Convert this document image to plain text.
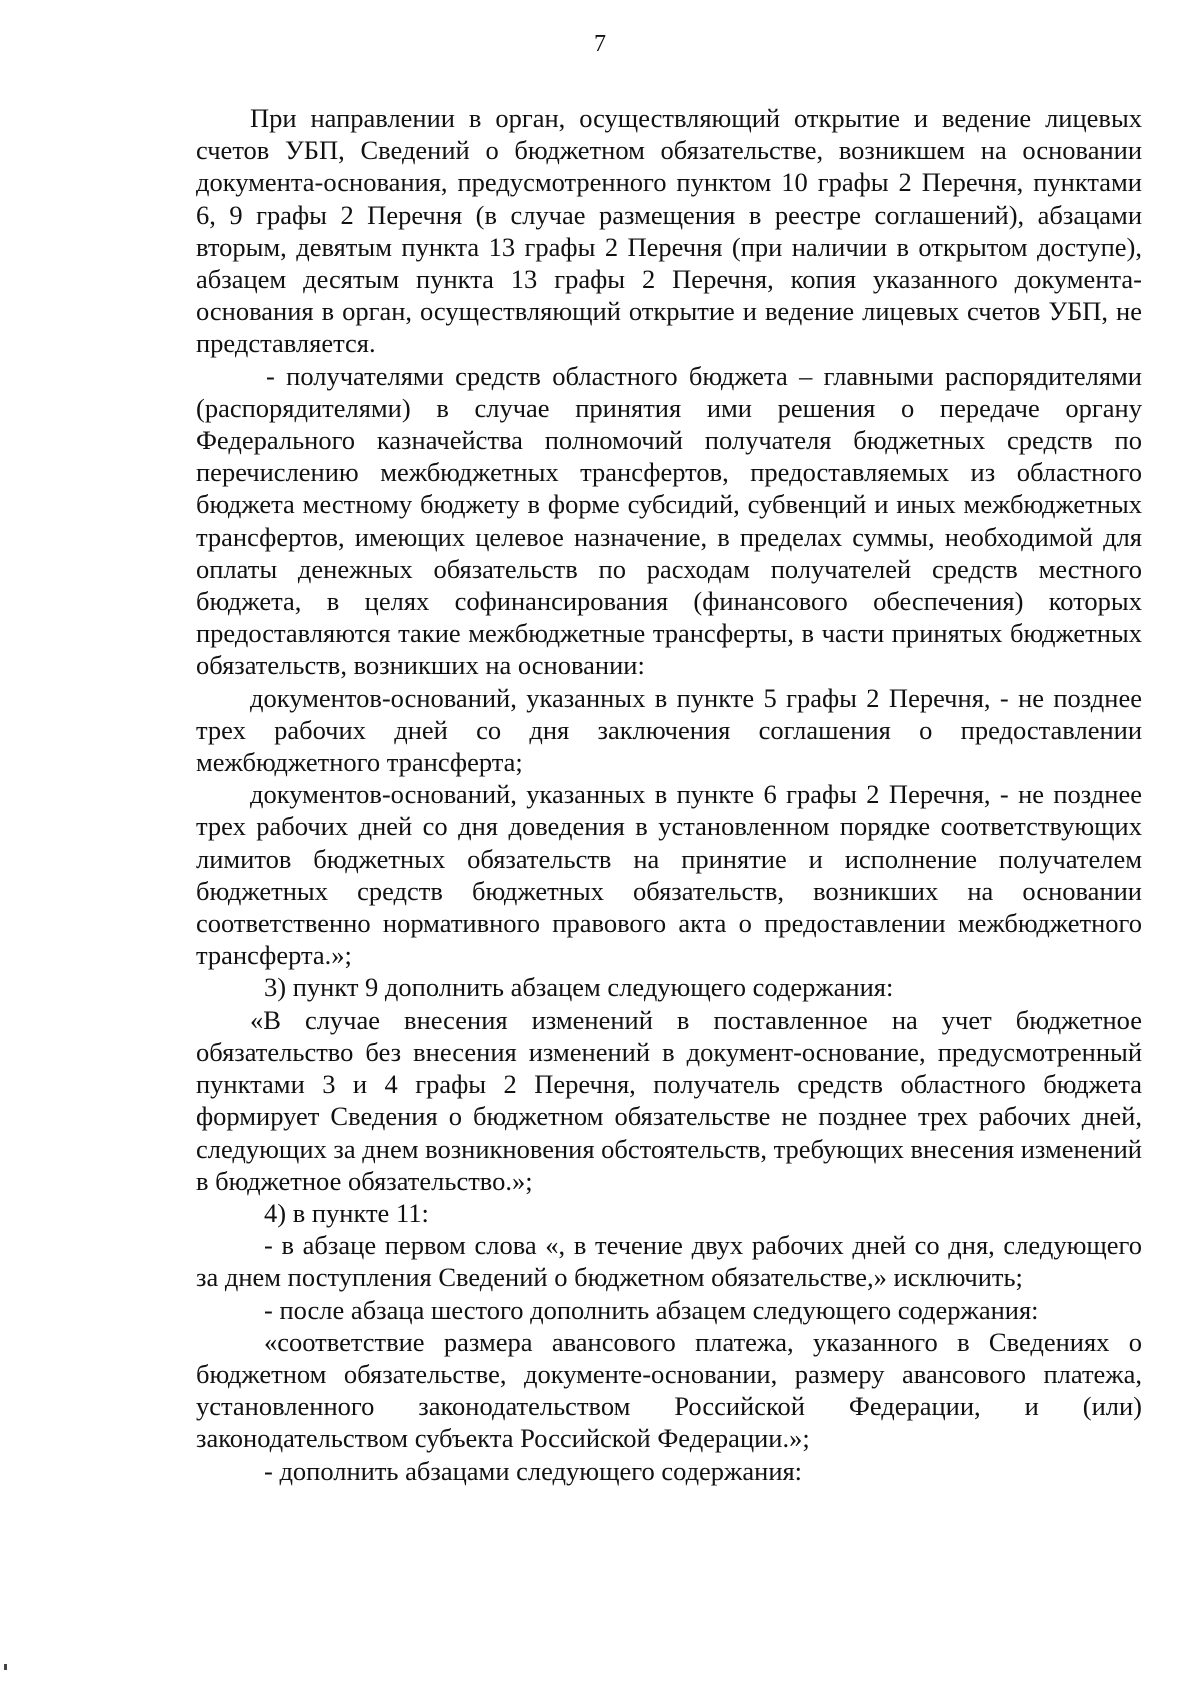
7

При направлении в орган, осуществляющий открытие и ведение лицевых счетов УБП, Сведений о бюджетном обязательстве, возникшем на основании документа-основания, предусмотренного пунктом 10 графы 2 Перечня, пунктами 6, 9 графы 2 Перечня (в случае размещения в реестре соглашений), абзацами вторым, девятым пункта 13 графы 2 Перечня (при наличии в открытом доступе), абзацем десятым пункта 13 графы 2 Перечня, копия указанного документа-основания в орган, осуществляющий открытие и ведение лицевых счетов УБП, не представляется.

- получателями средств областного бюджета – главными распорядителями (распорядителями) в случае принятия ими решения о передаче органу Федерального казначейства полномочий получателя бюджетных средств по перечислению межбюджетных трансфертов, предоставляемых из областного бюджета местному бюджету в форме субсидий, субвенций и иных межбюджетных трансфертов, имеющих целевое назначение, в пределах суммы, необходимой для оплаты денежных обязательств по расходам получателей средств местного бюджета, в целях софинансирования (финансового обеспечения) которых предоставляются такие межбюджетные трансферты, в части принятых бюджетных обязательств, возникших на основании:

документов-оснований, указанных в пункте 5 графы 2 Перечня, - не позднее трех рабочих дней со дня заключения соглашения о предоставлении межбюджетного трансферта;

документов-оснований, указанных в пункте 6 графы 2 Перечня, - не позднее трех рабочих дней со дня доведения в установленном порядке соответствующих лимитов бюджетных обязательств на принятие и исполнение получателем бюджетных средств бюджетных обязательств, возникших на основании соответственно нормативного правового акта о предоставлении межбюджетного трансферта.»;

3) пункт 9 дополнить абзацем следующего содержания:

«В случае внесения изменений в поставленное на учет бюджетное обязательство без внесения изменений в документ-основание, предусмотренный пунктами 3 и 4 графы 2 Перечня, получатель средств областного бюджета формирует Сведения о бюджетном обязательстве не позднее трех рабочих дней, следующих за днем возникновения обстоятельств, требующих внесения изменений в бюджетное обязательство.»;

4) в пункте 11:

- в абзаце первом слова «, в течение двух рабочих дней со дня, следующего за днем поступления Сведений о бюджетном обязательстве,» исключить;

- после абзаца шестого дополнить абзацем следующего содержания:

«соответствие размера авансового платежа, указанного в Сведениях о бюджетном обязательстве, документе-основании, размеру авансового платежа, установленного законодательством Российской Федерации, и (или) законодательством субъекта Российской Федерации.»;

- дополнить абзацами следующего содержания:
